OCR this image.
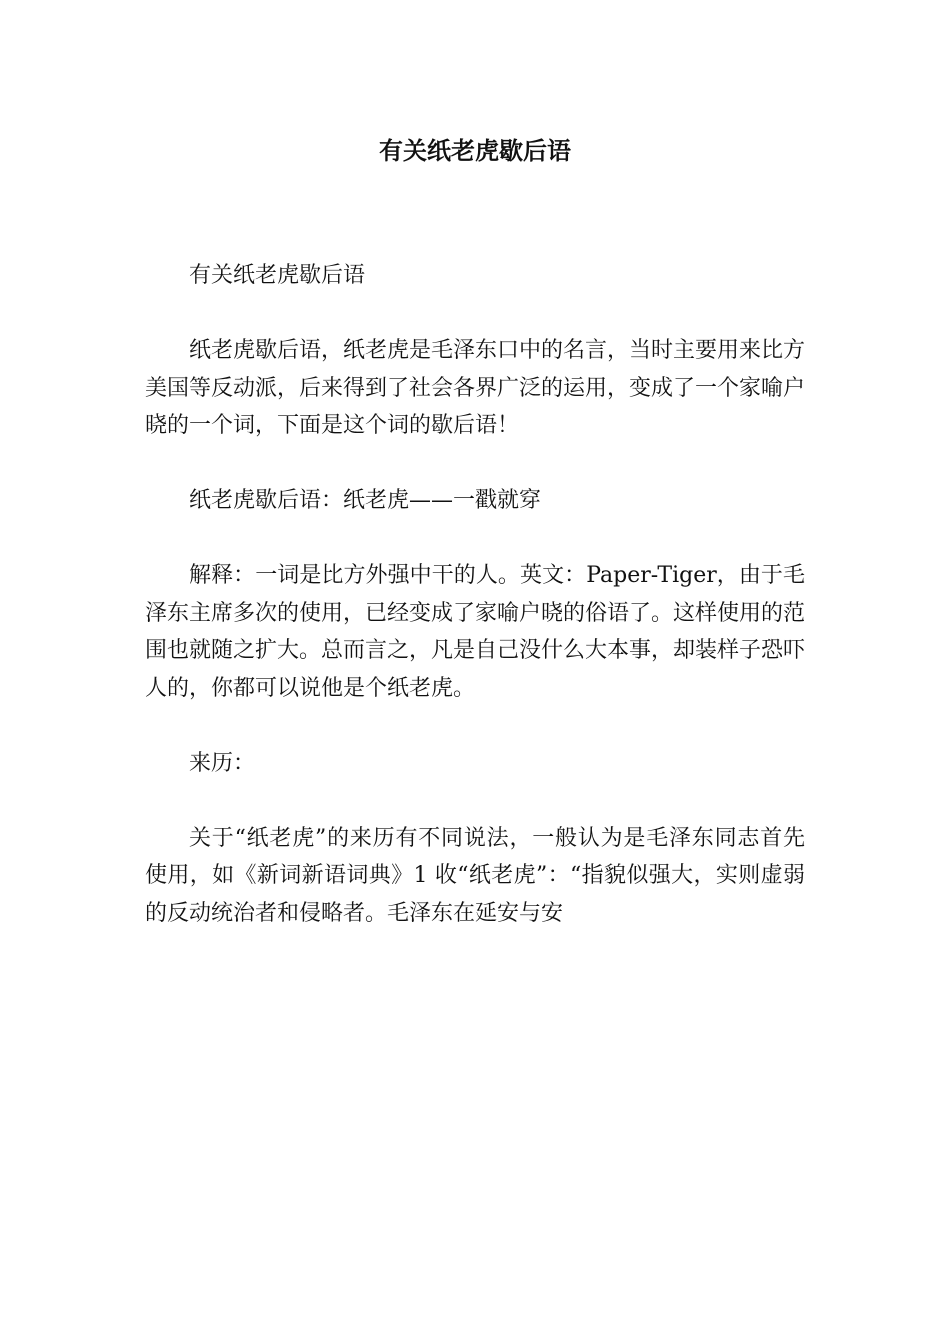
有关纸老虎歇后语

有关纸老虎歇后语

纸老虎歇后语，纸老虎是毛泽东口中的名言，当时主要用来比方美国等反动派，后来得到了社会各界广泛的运用，变成了一个家喻户晓的一个词，下面是这个词的歇后语！

纸老虎歇后语：纸老虎——一戳就穿

解释：一词是比方外强中干的人。英文：Paper-Tiger，由于毛泽东主席多次的使用，已经变成了家喻户晓的俗语了。这样使用的范围也就随之扩大。总而言之，凡是自己没什么大本事，却装样子恐吓人的，你都可以说他是个纸老虎。

来历：

关于“纸老虎”的来历有不同说法，一般认为是毛泽东同志首先使用，如《新词新语词典》1 收“纸老虎”：“指貌似强大，实则虚弱的反动统治者和侵略者。毛泽东在延安与安
